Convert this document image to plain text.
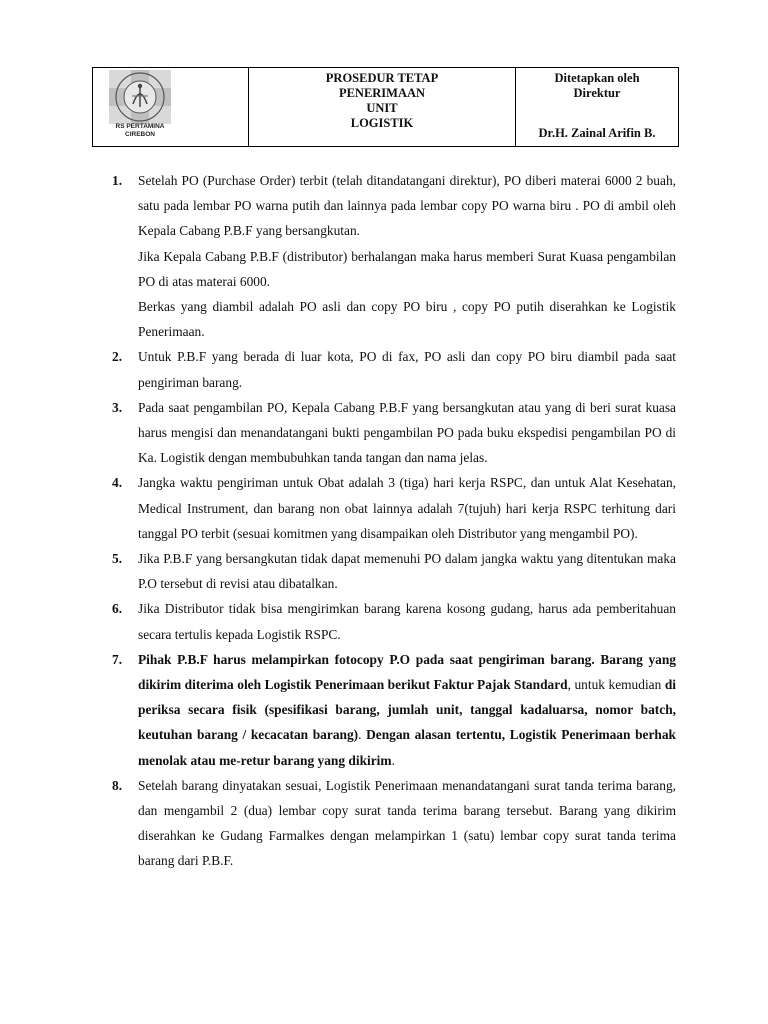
RS PERTAMINA
CIREBON
PROSEDUR TETAP
PENERIMAAN
UNIT
LOGISTIK
Ditetapkan oleh
Direktur
Dr.H. Zainal Arifin B.
1. Setelah PO (Purchase Order) terbit (telah ditandatangani direktur), PO diberi materai 6000 2 buah, satu pada lembar PO warna putih dan lainnya pada lembar copy PO warna biru . PO di ambil oleh Kepala Cabang P.B.F yang bersangkutan.

Jika Kepala Cabang P.B.F (distributor) berhalangan maka harus memberi Surat Kuasa pengambilan PO di atas materai 6000.

Berkas yang diambil adalah PO asli dan copy PO biru , copy PO putih diserahkan ke Logistik Penerimaan.

2. Untuk P.B.F yang berada di luar kota, PO di fax, PO asli dan copy PO biru diambil pada saat pengiriman barang.

3. Pada saat pengambilan PO, Kepala Cabang P.B.F yang bersangkutan atau yang di beri surat kuasa harus mengisi dan menandatangani bukti pengambilan PO pada buku ekspedisi pengambilan PO di Ka. Logistik dengan membubuhkan tanda tangan dan nama jelas.

4. Jangka waktu pengiriman untuk Obat adalah 3 (tiga) hari kerja RSPC, dan untuk Alat Kesehatan, Medical Instrument, dan barang non obat lainnya adalah 7(tujuh) hari kerja RSPC terhitung dari tanggal PO terbit (sesuai komitmen yang disampaikan oleh Distributor yang mengambil PO).

5. Jika P.B.F yang bersangkutan tidak dapat memenuhi PO dalam jangka waktu yang ditentukan maka P.O tersebut di revisi atau dibatalkan.

6. Jika Distributor tidak bisa mengirimkan barang karena kosong gudang, harus ada pemberitahuan secara tertulis kepada Logistik RSPC.

7. Pihak P.B.F harus melampirkan fotocopy P.O pada saat pengiriman barang. Barang yang dikirim diterima oleh Logistik Penerimaan berikut Faktur Pajak Standard, untuk kemudian di periksa secara fisik (spesifikasi barang, jumlah unit, tanggal kadaluarsa, nomor batch, keutuhan barang / kecacatan barang). Dengan alasan tertentu, Logistik Penerimaan berhak menolak atau me-retur barang yang dikirim.

8. Setelah barang dinyatakan sesuai, Logistik Penerimaan menandatangani surat tanda terima barang, dan mengambil 2 (dua) lembar copy surat tanda terima barang tersebut. Barang yang dikirim diserahkan ke Gudang Farmalkes dengan melampirkan 1 (satu) lembar copy surat tanda terima barang dari P.B.F.
